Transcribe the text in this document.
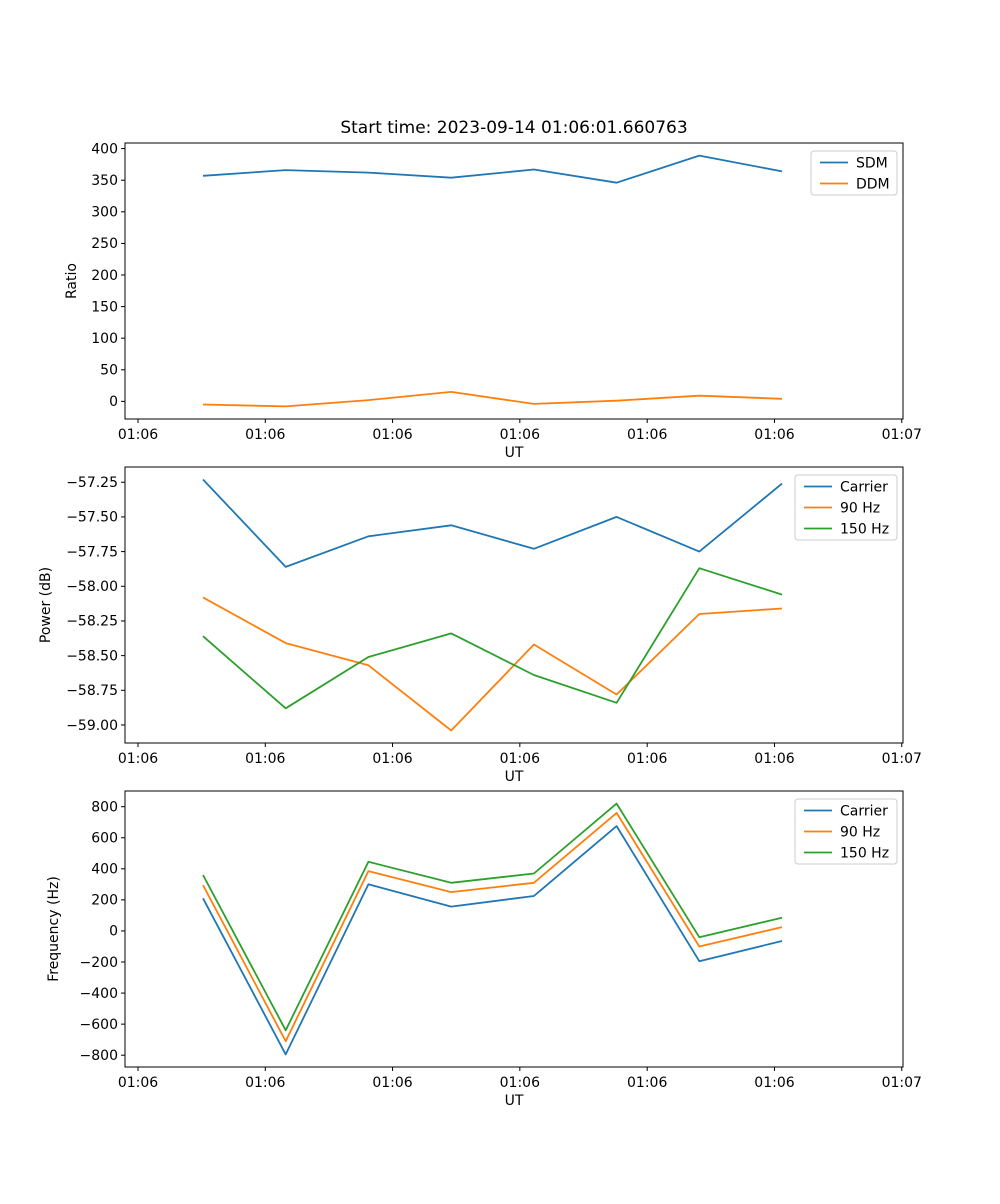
Start time: 2023-09-14 01:06:01.660763
0
50
100
150
200
250
300
350
400
01:06	01:06	01:06	01:06	01:06	01:06	01:07
UT
Ratio
SDM
DDM
−59.00
−58.75
−58.50
−58.25
−58.00
−57.75
−57.50
−57.25
01:06	01:06	01:06	01:06	01:06	01:06	01:07
UT
Power (dB)
Carrier
90 Hz
150 Hz
−800
−600
−400
−200
0
200
400
600
800
01:06	01:06	01:06	01:06	01:06	01:06	01:07
UT
Frequency (Hz)
Carrier
90 Hz
150 Hz
